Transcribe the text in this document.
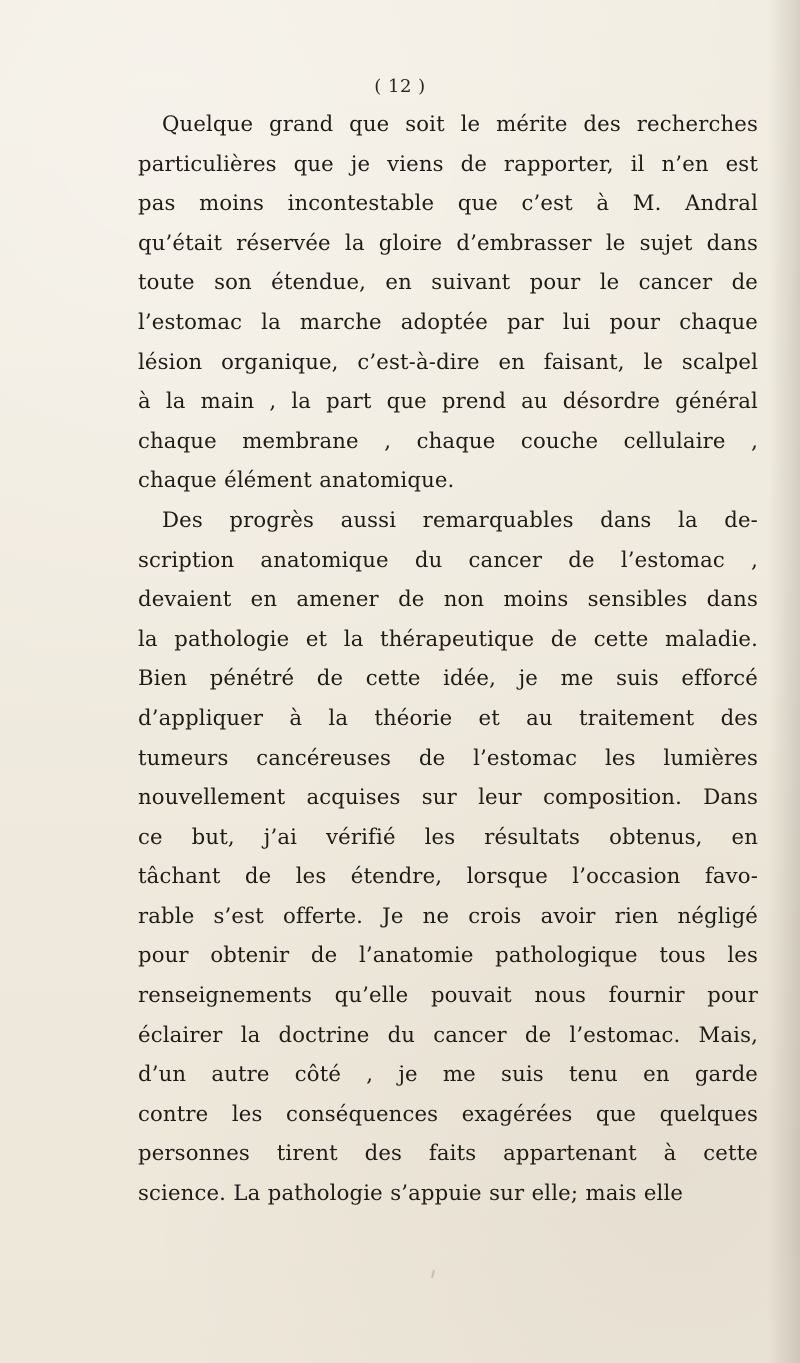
( 12 )
Quelque grand que soit le mérite des recherches
particulières que je viens de rapporter, il n’en est
pas moins incontestable que c’est à M. Andral
qu’était réservée la gloire d’embrasser le sujet dans
toute son étendue, en suivant pour le cancer de
l’estomac la marche adoptée par lui pour chaque
lésion organique, c’est-à-dire en faisant, le scalpel
à la main , la part que prend au désordre général
chaque membrane , chaque couche cellulaire ,
chaque élément anatomique.
Des progrès aussi remarquables dans la de-
scription anatomique du cancer de l’estomac ,
devaient en amener de non moins sensibles dans
la pathologie et la thérapeutique de cette maladie.
Bien pénétré de cette idée, je me suis efforcé
d’appliquer à la théorie et au traitement des
tumeurs cancéreuses de l’estomac les lumières
nouvellement acquises sur leur composition. Dans
ce but, j’ai vérifié les résultats obtenus, en
tâchant de les étendre, lorsque l’occasion favo-
rable s’est offerte. Je ne crois avoir rien négligé
pour obtenir de l’anatomie pathologique tous les
renseignements qu’elle pouvait nous fournir pour
éclairer la doctrine du cancer de l’estomac. Mais,
d’un autre côté , je me suis tenu en garde
contre les conséquences exagérées que quelques
personnes tirent des faits appartenant à cette
science. La pathologie s’appuie sur elle; mais elle
